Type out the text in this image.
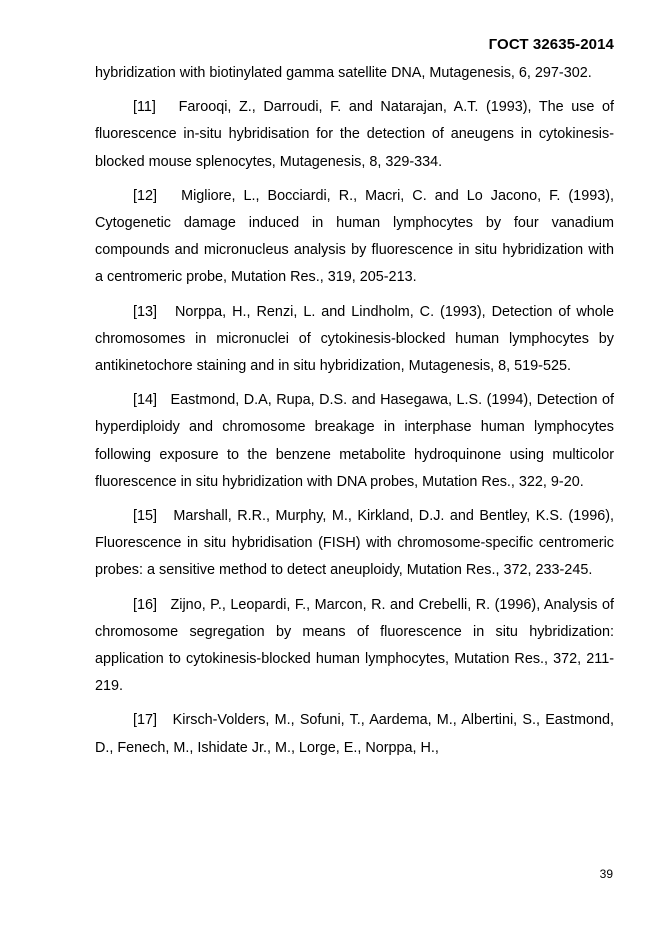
ГОСТ 32635-2014

hybridization with biotinylated gamma satellite DNA, Mutagenesis, 6, 297-302.

[11] Farooqi, Z., Darroudi, F. and Natarajan, A.T. (1993), The use of fluorescence in-situ hybridisation for the detection of aneugens in cytokinesis-blocked mouse splenocytes, Mutagenesis, 8, 329-334.

[12] Migliore, L., Bocciardi, R., Macri, C. and Lo Jacono, F. (1993), Cytogenetic damage induced in human lymphocytes by four vanadium compounds and micronucleus analysis by fluorescence in situ hybridization with a centromeric probe, Mutation Res., 319, 205-213.

[13] Norppa, H., Renzi, L. and Lindholm, C. (1993), Detection of whole chromosomes in micronuclei of cytokinesis-blocked human lymphocytes by antikinetochore staining and in situ hybridization, Mutagenesis, 8, 519-525.

[14] Eastmond, D.A, Rupa, D.S. and Hasegawa, L.S. (1994), Detection of hyperdiploidy and chromosome breakage in interphase human lymphocytes following exposure to the benzene metabolite hydroquinone using multicolor fluorescence in situ hybridization with DNA probes, Mutation Res., 322, 9-20.

[15] Marshall, R.R., Murphy, M., Kirkland, D.J. and Bentley, K.S. (1996), Fluorescence in situ hybridisation (FISH) with chromosome-specific centromeric probes: a sensitive method to detect aneuploidy, Mutation Res., 372, 233-245.

[16] Zijno, P., Leopardi, F., Marcon, R. and Crebelli, R. (1996), Analysis of chromosome segregation by means of fluorescence in situ hybridization: application to cytokinesis-blocked human lymphocytes, Mutation Res., 372, 211-219.

[17] Kirsch-Volders, M., Sofuni, T., Aardema, M., Albertini, S., Eastmond, D., Fenech, M., Ishidate Jr., M., Lorge, E., Norppa, H.,

39
